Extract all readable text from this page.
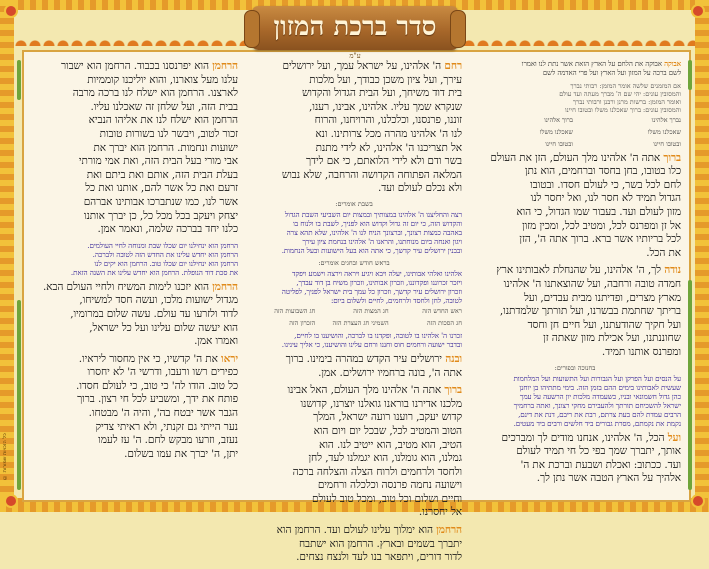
סדר ברכת המזון
ע"מ
© כל הזכויות שמורות
אבוקה אבוקה את הלחם על הארץ הזאת אשר נתת לנו ואמרו
לשם ברכה על המזון ועל הארץ ועל פרי האדמה לשם
אם המזמנים שלשה אומר המזמן: רבותי נברך
והמסובין עונים: יהי שם ה' מברך מעתה ועד עולם
ואומר המזמן: ברשות מרנן ורבנן ורבותי נברך
והמסובין עונים: ברוך שאכלנו משלו ובטובו חיינו
נברך אלהינו
ברוך אלהינו
שאכלנו משלו
שאכלנו משלו
ובטובו חיינו
ובטובו חיינו
ברוך אתה ה' אלהינו מלך העולם, הזן את העולם
כלו בטובו, בחן בחסד וברחמים, הוא נתן
לחם לכל בשר, כי לעולם חסדו. ובטובו
הגדול תמיד לא חסר לנו, ואל יחסר לנו
מזון לעולם ועד. בעבור שמו הגדול, כי הוא
אל זן ומפרנס לכל, ומטיב לכל, ומכין מזון
לכל בריותיו אשר ברא. ברוך אתה ה', הזן
את הכל.
נודה לך, ה' אלהינו, על שהנחלת לאבותינו ארץ
חמדה טובה ורחבה, ועל שהוצאתנו ה' אלהינו
מארץ מצרים, ופדיתנו מבית עבדים, ועל
בריתך שחתמת בבשרנו, ועל תורתך שלמדתנו,
ועל חקיך שהודעתנו, ועל חיים חן וחסד
שחוננתנו, ועל אכילת מזון שאתה זן
ומפרנס אותנו תמיד.
בחנוכה ובפורים:
על הנסים ועל הפרקן ועל הגבורות ועל התשועות ועל המלחמות
שעשית לאבותינו בימים ההם בזמן הזה. בימי מתתיהו בן יוחנן
כהן גדול חשמונאי ובניו, כשעמדה מלכות יון הרשעה על עמך
ישראל להשכיחם תורתך ולהעבירם מחקי רצונך, ואתה ברחמיך
הרבים עמדת להם בעת צרתם, רבת את ריבם, דנת את דינם,
נקמת את נקמתם, מסרת גבורים ביד חלשים ורבים ביד מעטים.
ועל הכל, ה' אלהינו, אנחנו מודים לך ומברכים
אותך, יתברך שמך בפי כל חי תמיד לעולם
ועד. ככתוב: ואכלת ושבעת וברכת את ה'
אלהיך על הארץ הטבה אשר נתן לך.
רחם ה' אלהינו, על ישראל עמך, ועל ירושלים
עירך, ועל ציון משכן כבודך, ועל מלכות
בית דוד משיחך, ועל הבית הגדול והקדוש
שנקרא שמך עליו. אלהינו, אבינו, רענו,
זוננו, פרנסנו, וכלכלנו, והרויחנו, והרוח
לנו ה' אלהינו מהרה מכל צרותינו. ונא
אל תצריכנו ה' אלהינו, לא לידי מתנת
בשר ודם ולא לידי הלואתם, כי אם לידך
המלאה הפתוחה הקדושה והרחבה, שלא נבוש
ולא נכלם לעולם ועד.
בשבת אומרים:
רצה והחליצנו ה' אלהינו במצותיך ובמצות יום השביעי השבת הגדול
והקדוש הזה, כי יום זה גדול וקדוש הוא לפניך, לשבת בו ולנוח בו
באהבה כמצות רצונך, וברצונך הניח לנו ה' אלהינו, שלא תהא צרה
ויגון ואנחה ביום מנוחתנו, והראנו ה' אלהינו בנחמת ציון עירך
ובבנין ירושלים עיר קדשך, כי אתה הוא בעל הישועות ובעל הנחמות.
בראש חודש ובחגים אומרים:
אלהינו ואלהי אבותינו, יעלה ויבא ויגיע ויראה וירצה וישמע ויפקד
ויזכר זכרוננו ופקדוננו, וזכרון אבותינו, וזכרון משיח בן דוד עבדך,
וזכרון ירושלים עיר קדשך, וזכרון כל עמך בית ישראל לפניך, לפליטה
לטובה, לחן ולחסד ולרחמים, לחיים ולשלום ביום:
ראש החדש הזה
חג המצות הזה
חג השבועות הזה
חג הסכות הזה
השמיני חג העצרת הזה
הזכרון הזה
זכרנו ה' אלהינו בו לטובה, ופקדנו בו לברכה, והושיענו בו לחיים,
ובדבר ישועה ורחמים חוס וחננו ורחם עלינו והושיענו, כי אליך עינינו.
ובנה ירושלים עיר הקדש במהרה בימינו. ברוך
אתה ה', בונה ברחמיו ירושלים. אמן.
ברוך אתה ה' אלהינו מלך העולם, האל אבינו
מלכנו אדירנו בוראנו גואלנו יוצרנו, קדושנו
קדוש יעקב, רוענו רועה ישראל, המלך
הטוב והמטיב לכל, שבכל יום ויום הוא
הטיב, הוא מטיב, הוא ייטיב לנו. הוא
גמלנו, הוא גומלנו, הוא יגמלנו לעד, לחן
ולחסד ולרחמים ולרוח הצלה והצלחה ברכה
וישועה נחמה פרנסה וכלכלה ורחמים
וחיים ושלום וכל טוב, ומכל טוב לעולם
אל יחסרנו.
הרחמן הוא ימלוך עלינו לעולם ועד. הרחמן הוא
יתברך בשמים ובארץ. הרחמן הוא ישתבח
לדור דורים, ויתפאר בנו לעד ולנצח נצחים.
הרחמן הוא יפרנסנו בכבוד. הרחמן הוא ישבור
עלנו מעל צוארנו, והוא יוליכנו קוממיות
לארצנו. הרחמן הוא ישלח לנו ברכה מרבה
בבית הזה, ועל שלחן זה שאכלנו עליו.
הרחמן הוא ישלח לנו את אליהו הנביא
זכור לטוב, ויבשר לנו בשורות טובות
ישועות ונחמות. הרחמן הוא יברך את
אבי מורי בעל הבית הזה, ואת אמי מורתי
בעלת הבית הזה, אותם ואת ביתם ואת
זרעם ואת כל אשר להם, אותנו ואת כל
אשר לנו, כמו שנתברכו אבותינו אברהם
יצחק ויעקב בכל מכל כל, כן יברך אותנו
כלנו יחד בברכה שלמה, ונאמר אמן.
הרחמן הוא ינחילנו יום שכלו שבת ומנוחה לחיי העולמים.
הרחמן הוא יחדש עלינו את החדש הזה לטובה ולברכה.
הרחמן הוא ינחילנו יום שכלו טוב. הרחמן הוא יקים לנו
את סכת דוד הנופלת. הרחמן הוא יחדש עלינו את השנה הזאת.
הרחמן הוא יזכנו לימות המשיח ולחיי העולם הבא.
מגדול ישועות מלכו, ועשה חסד למשיחו,
לדוד ולזרעו עד עולם. עשה שלום במרומיו,
הוא יעשה שלום עלינו ועל כל ישראל,
ואמרו אמן.
יראו את ה' קדשיו, כי אין מחסור ליראיו.
כפירים רשו ורעבו, ודרשי ה' לא יחסרו
כל טוב. הודו לה' כי טוב, כי לעולם חסדו.
פותח את ידך, ומשביע לכל חי רצון. ברוך
הגבר אשר יבטח בה', והיה ה' מבטחו.
נער הייתי גם זקנתי, ולא ראיתי צדיק
נעזב, וזרעו מבקש לחם. ה' עז לעמו
יתן, ה' יברך את עמו בשלום.
